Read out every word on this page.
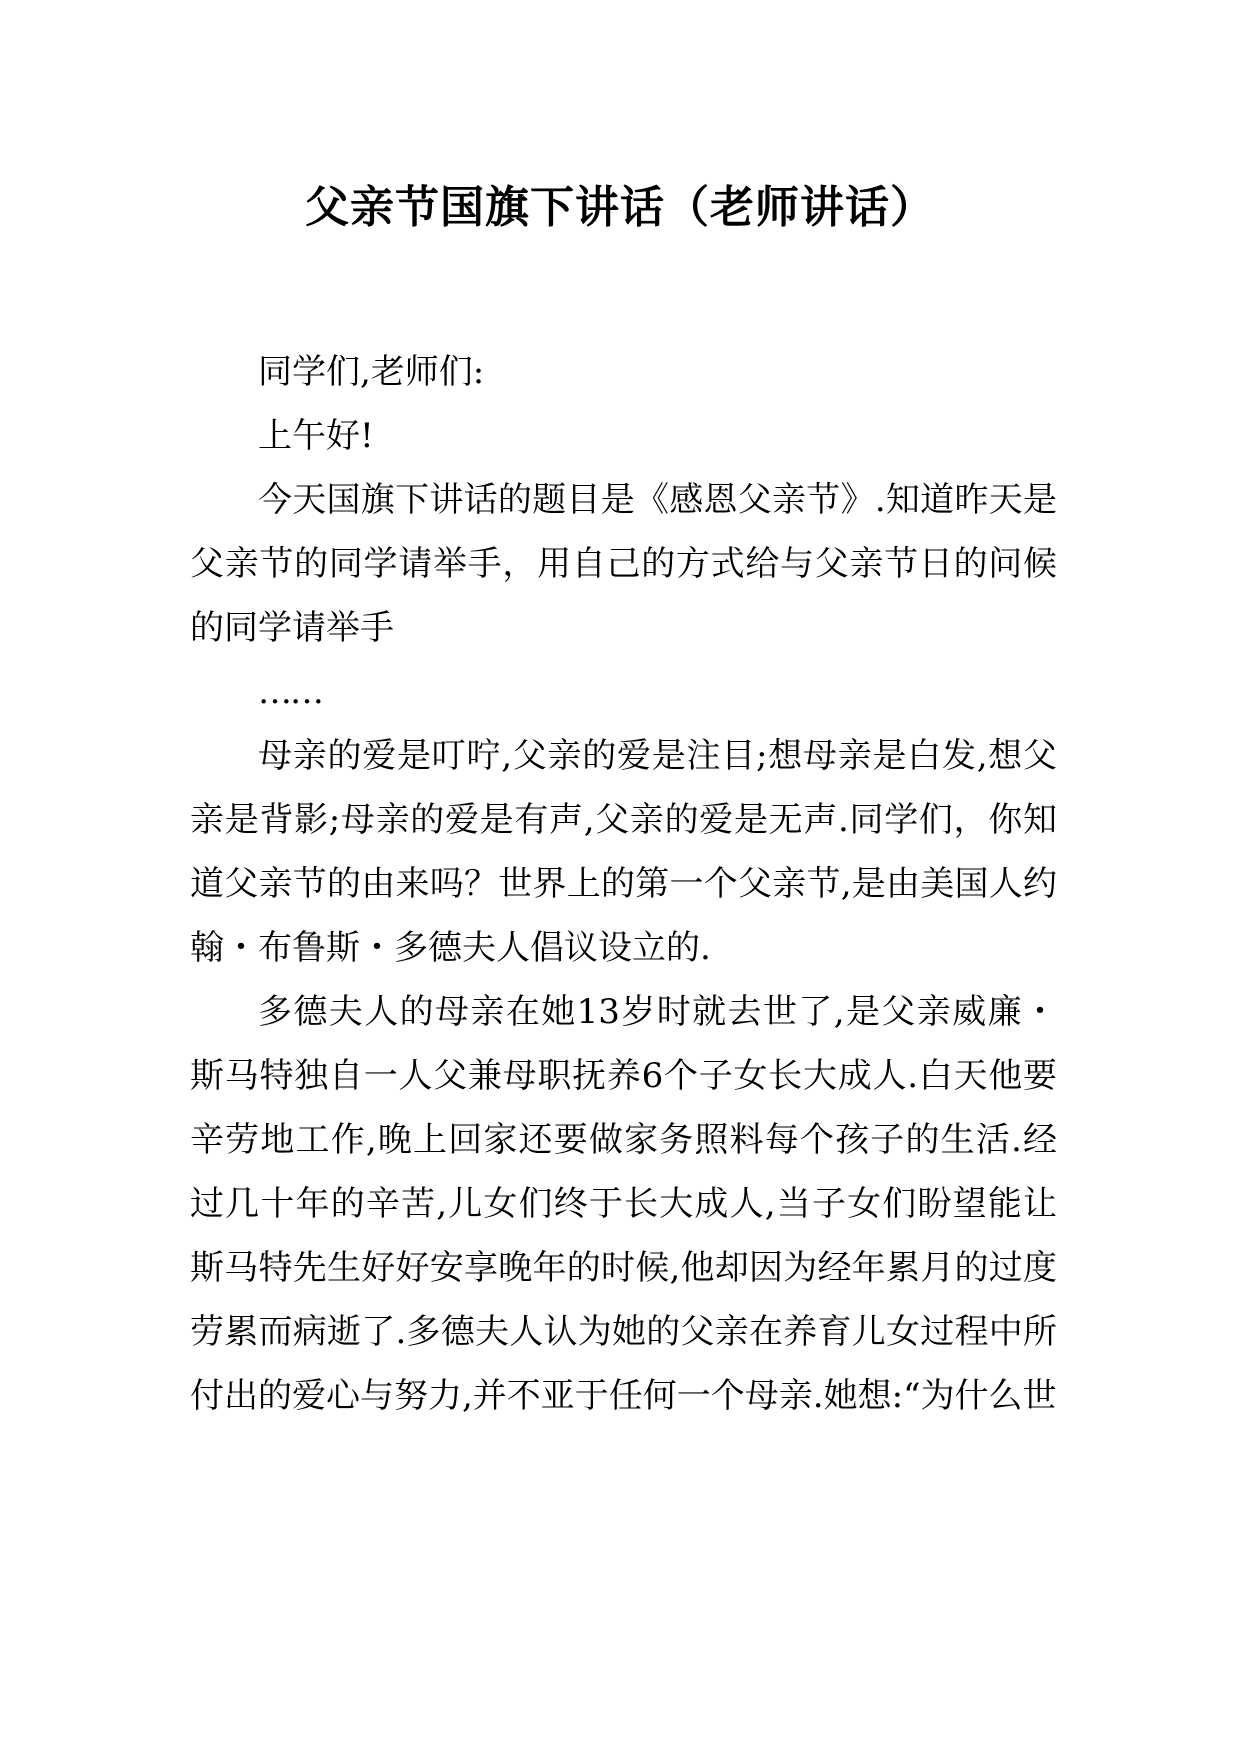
父亲节国旗下讲话（老师讲话）

同学们,老师们:

上午好!

今天国旗下讲话的题目是《感恩父亲节》.知道昨天是父亲节的同学请举手，用自己的方式给与父亲节日的问候的同学请举手

……

母亲的爱是叮咛,父亲的爱是注目;想母亲是白发,想父亲是背影;母亲的爱是有声,父亲的爱是无声.同学们，你知道父亲节的由来吗？世界上的第一个父亲节,是由美国人约翰・布鲁斯・多德夫人倡议设立的.

多德夫人的母亲在她13岁时就去世了,是父亲威廉・斯马特独自一人父兼母职抚养6个子女长大成人.白天他要辛劳地工作,晚上回家还要做家务照料每个孩子的生活.经过几十年的辛苦,儿女们终于长大成人,当子女们盼望能让斯马特先生好好安享晚年的时候,他却因为经年累月的过度劳累而病逝了.多德夫人认为她的父亲在养育儿女过程中所付出的爱心与努力,并不亚于任何一个母亲.她想:“为什么世
